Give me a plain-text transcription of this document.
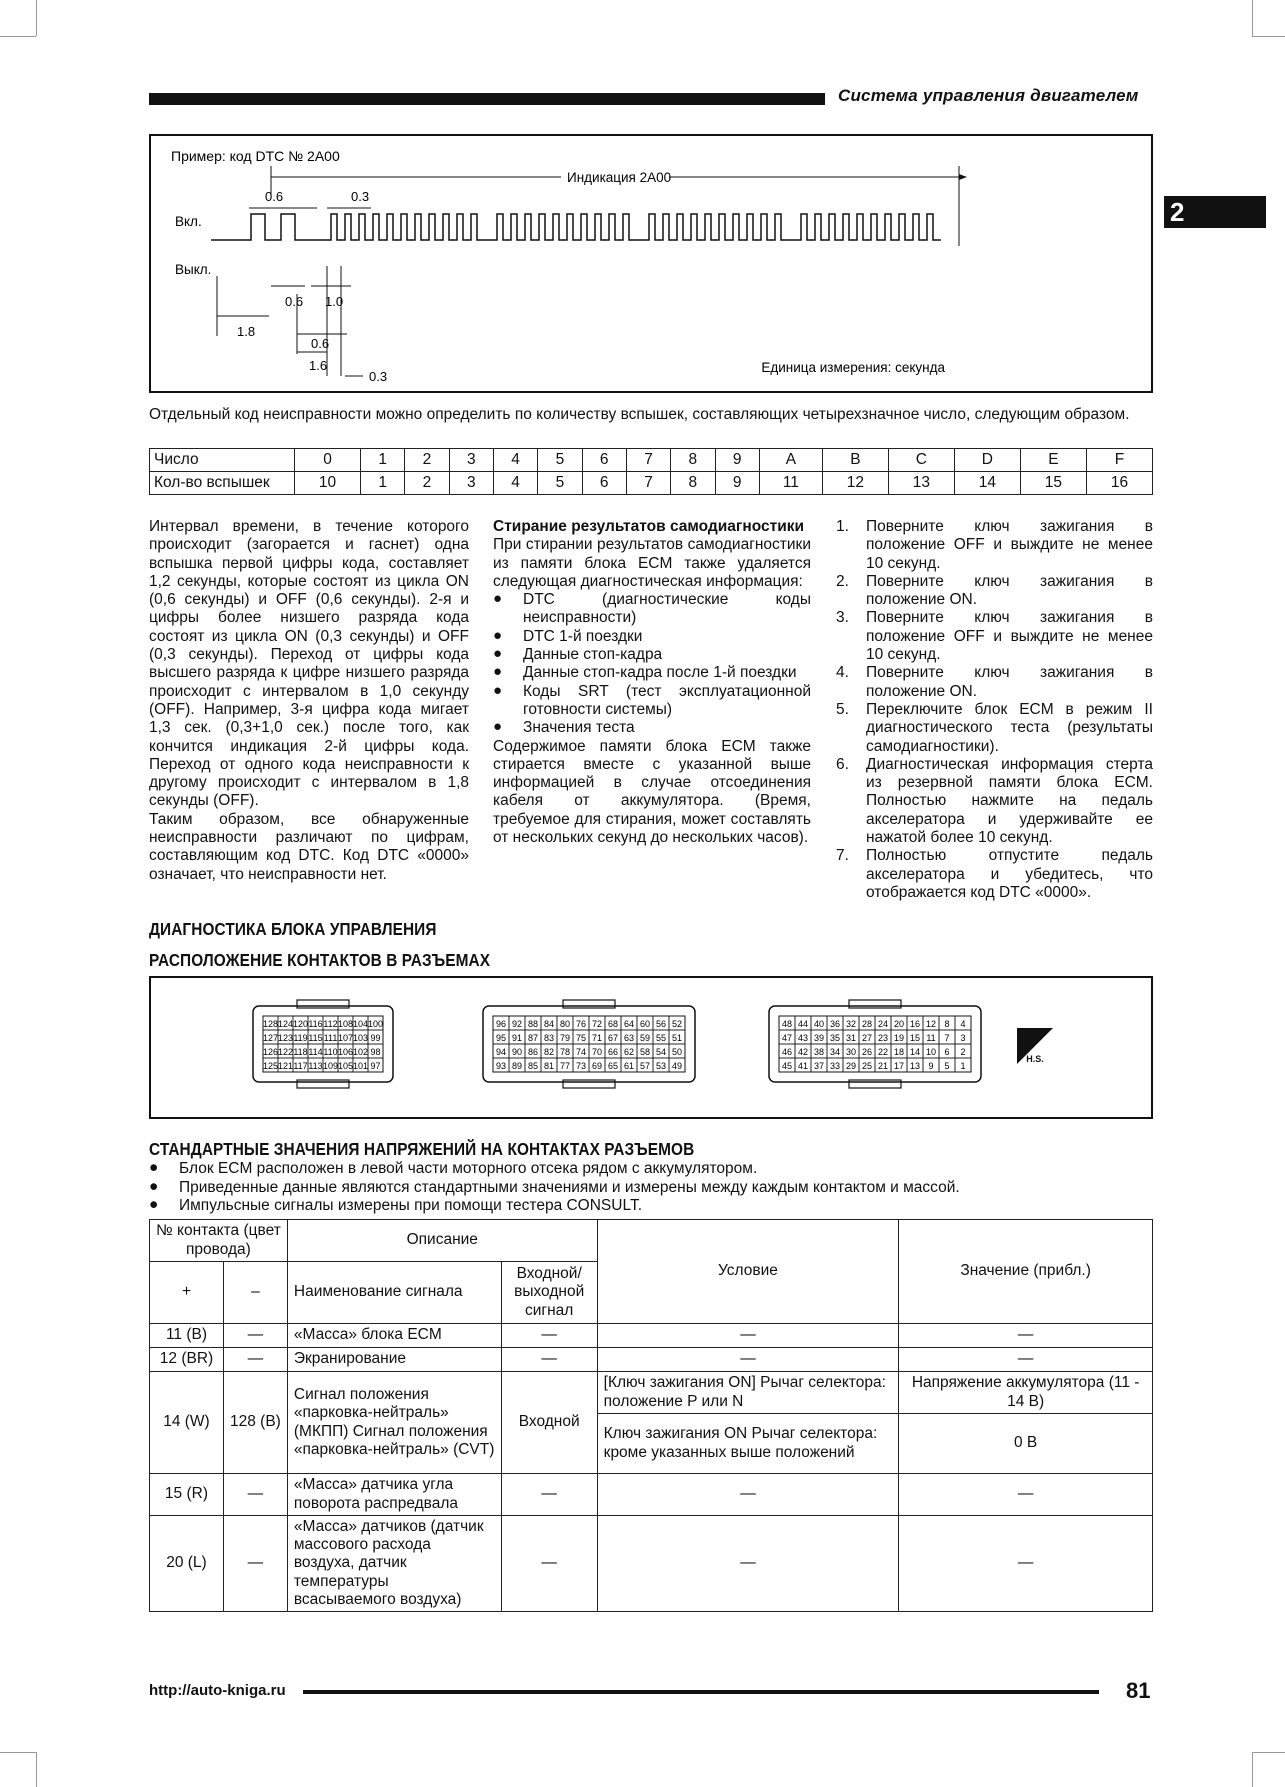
Система управления двигателем
2
Пример: код DTC № 2A00
Индикация 2A00
Вкл.
Выкл.
0.6	0.3
0.6 1.0
1.8
0.6
1.6
0.3
Единица измерения: секунда
Отдельный код неисправности можно определить по количеству вспышек, составляющих четырехзначное число, следующим образом.
Число	0	1	2	3	4	5	6	7	8	9	A	B	C	D	E	F
Кол-во вспышек	10	1	2	3	4	5	6	7	8	9	11	12	13	14	15	16
Интервал времени, в течение которого происходит (загорается и гаснет) одна вспышка первой цифры кода, составляет 1,2 секунды, которые состоят из цикла ON (0,6 секунды) и OFF (0,6 секунды). 2-я и цифры более низшего разряда кода состоят из цикла ON (0,3 секунды) и OFF (0,3 секунды). Переход от цифры кода высшего разряда к цифре низшего разряда происходит с интервалом в 1,0 секунду (OFF). Например, 3-я цифра кода мигает 1,3 сек. (0,3+1,0 сек.) после того, как кончится индикация 2-й цифры кода. Переход от одного кода неисправности к другому происходит с интервалом в 1,8 секунды (OFF).
Таким образом, все обнаруженные неисправности различают по цифрам, составляющим код DTC. Код DTC «0000» означает, что неисправности нет.
Стирание результатов самодиагностики
При стирании результатов самодиагностики из памяти блока ECM также удаляется следующая диагностическая информация:
● DTC (диагностические коды неисправности)
● DTC 1-й поездки
● Данные стоп-кадра
● Данные стоп-кадра после 1-й поездки
● Коды SRT (тест эксплуатационной готовности системы)
● Значения теста
Содержимое памяти блока ECM также стирается вместе с указанной выше информацией в случае отсоединения кабеля от аккумулятора. (Время, требуемое для стирания, может составлять от нескольких секунд до нескольких часов).
1. Поверните ключ зажигания в положение OFF и выждите не менее 10 секунд.
2. Поверните ключ зажигания в положение ON.
3. Поверните ключ зажигания в положение OFF и выждите не менее 10 секунд.
4. Поверните ключ зажигания в положение ON.
5. Переключите блок ECM в режим II диагностического теста (результаты самодиагностики).
6. Диагностическая информация стерта из резервной памяти блока ECM. Полностью нажмите на педаль акселератора и удерживайте ее нажатой более 10 секунд.
7. Полностью отпустите педаль акселератора и убедитесь, что отображается код DTC «0000».
ДИАГНОСТИКА БЛОКА УПРАВЛЕНИЯ
РАСПОЛОЖЕНИЕ КОНТАКТОВ В РАЗЪЕМАХ
128 124 120 116 112 108 104 100
127 123 119 115 111 107 103 99
126 122 118 114 110 106 102 98
125 121 117 113 109 105 101 97
96 92 88 84 80 76 72 68 64 60 56 52
95 91 87 83 79 75 71 67 63 59 55 51
94 90 86 82 78 74 70 66 62 58 54 50
93 89 85 81 77 73 69 65 61 57 53 49
48 44 40 36 32 28 24 20 16 12 8 4
47 43 39 35 31 27 23 19 15 11 7 3
46 42 38 34 30 26 22 18 14 10 6 2
45 41 37 33 29 25 21 17 13 9 5 1
H.S.
СТАНДАРТНЫЕ ЗНАЧЕНИЯ НАПРЯЖЕНИЙ НА КОНТАКТАХ РАЗЪЕМОВ
● Блок ECM расположен в левой части моторного отсека рядом с аккумулятором.
● Приведенные данные являются стандартными значениями и измерены между каждым контактом и массой.
● Импульсные сигналы измерены при помощи тестера CONSULT.
№ контакта (цвет провода)		Описание		Условие	Значение (прибл.)
+	–	Наименование сигнала	Входной/ выходной сигнал		
11 (B)	—	«Масса» блока ECM	—	—	—
12 (BR)	—	Экранирование	—	—	—
14 (W)	128 (B)	Сигнал положения «парковка-нейтраль» (МКПП) Сигнал положения «парковка-нейтраль» (CVT)	Входной	[Ключ зажигания ON] Рычаг селектора: положение P или N	Напряжение аккумулятора (11 - 14 В)
				Ключ зажигания ON Рычаг селектора: кроме указанных выше положений	0 В
15 (R)	—	«Масса» датчика угла поворота распредвала	—	—	—
20 (L)	—	«Масса» датчиков (датчик массового расхода воздуха, датчик температуры всасываемого воздуха)	—	—	—
http://auto-kniga.ru	81
